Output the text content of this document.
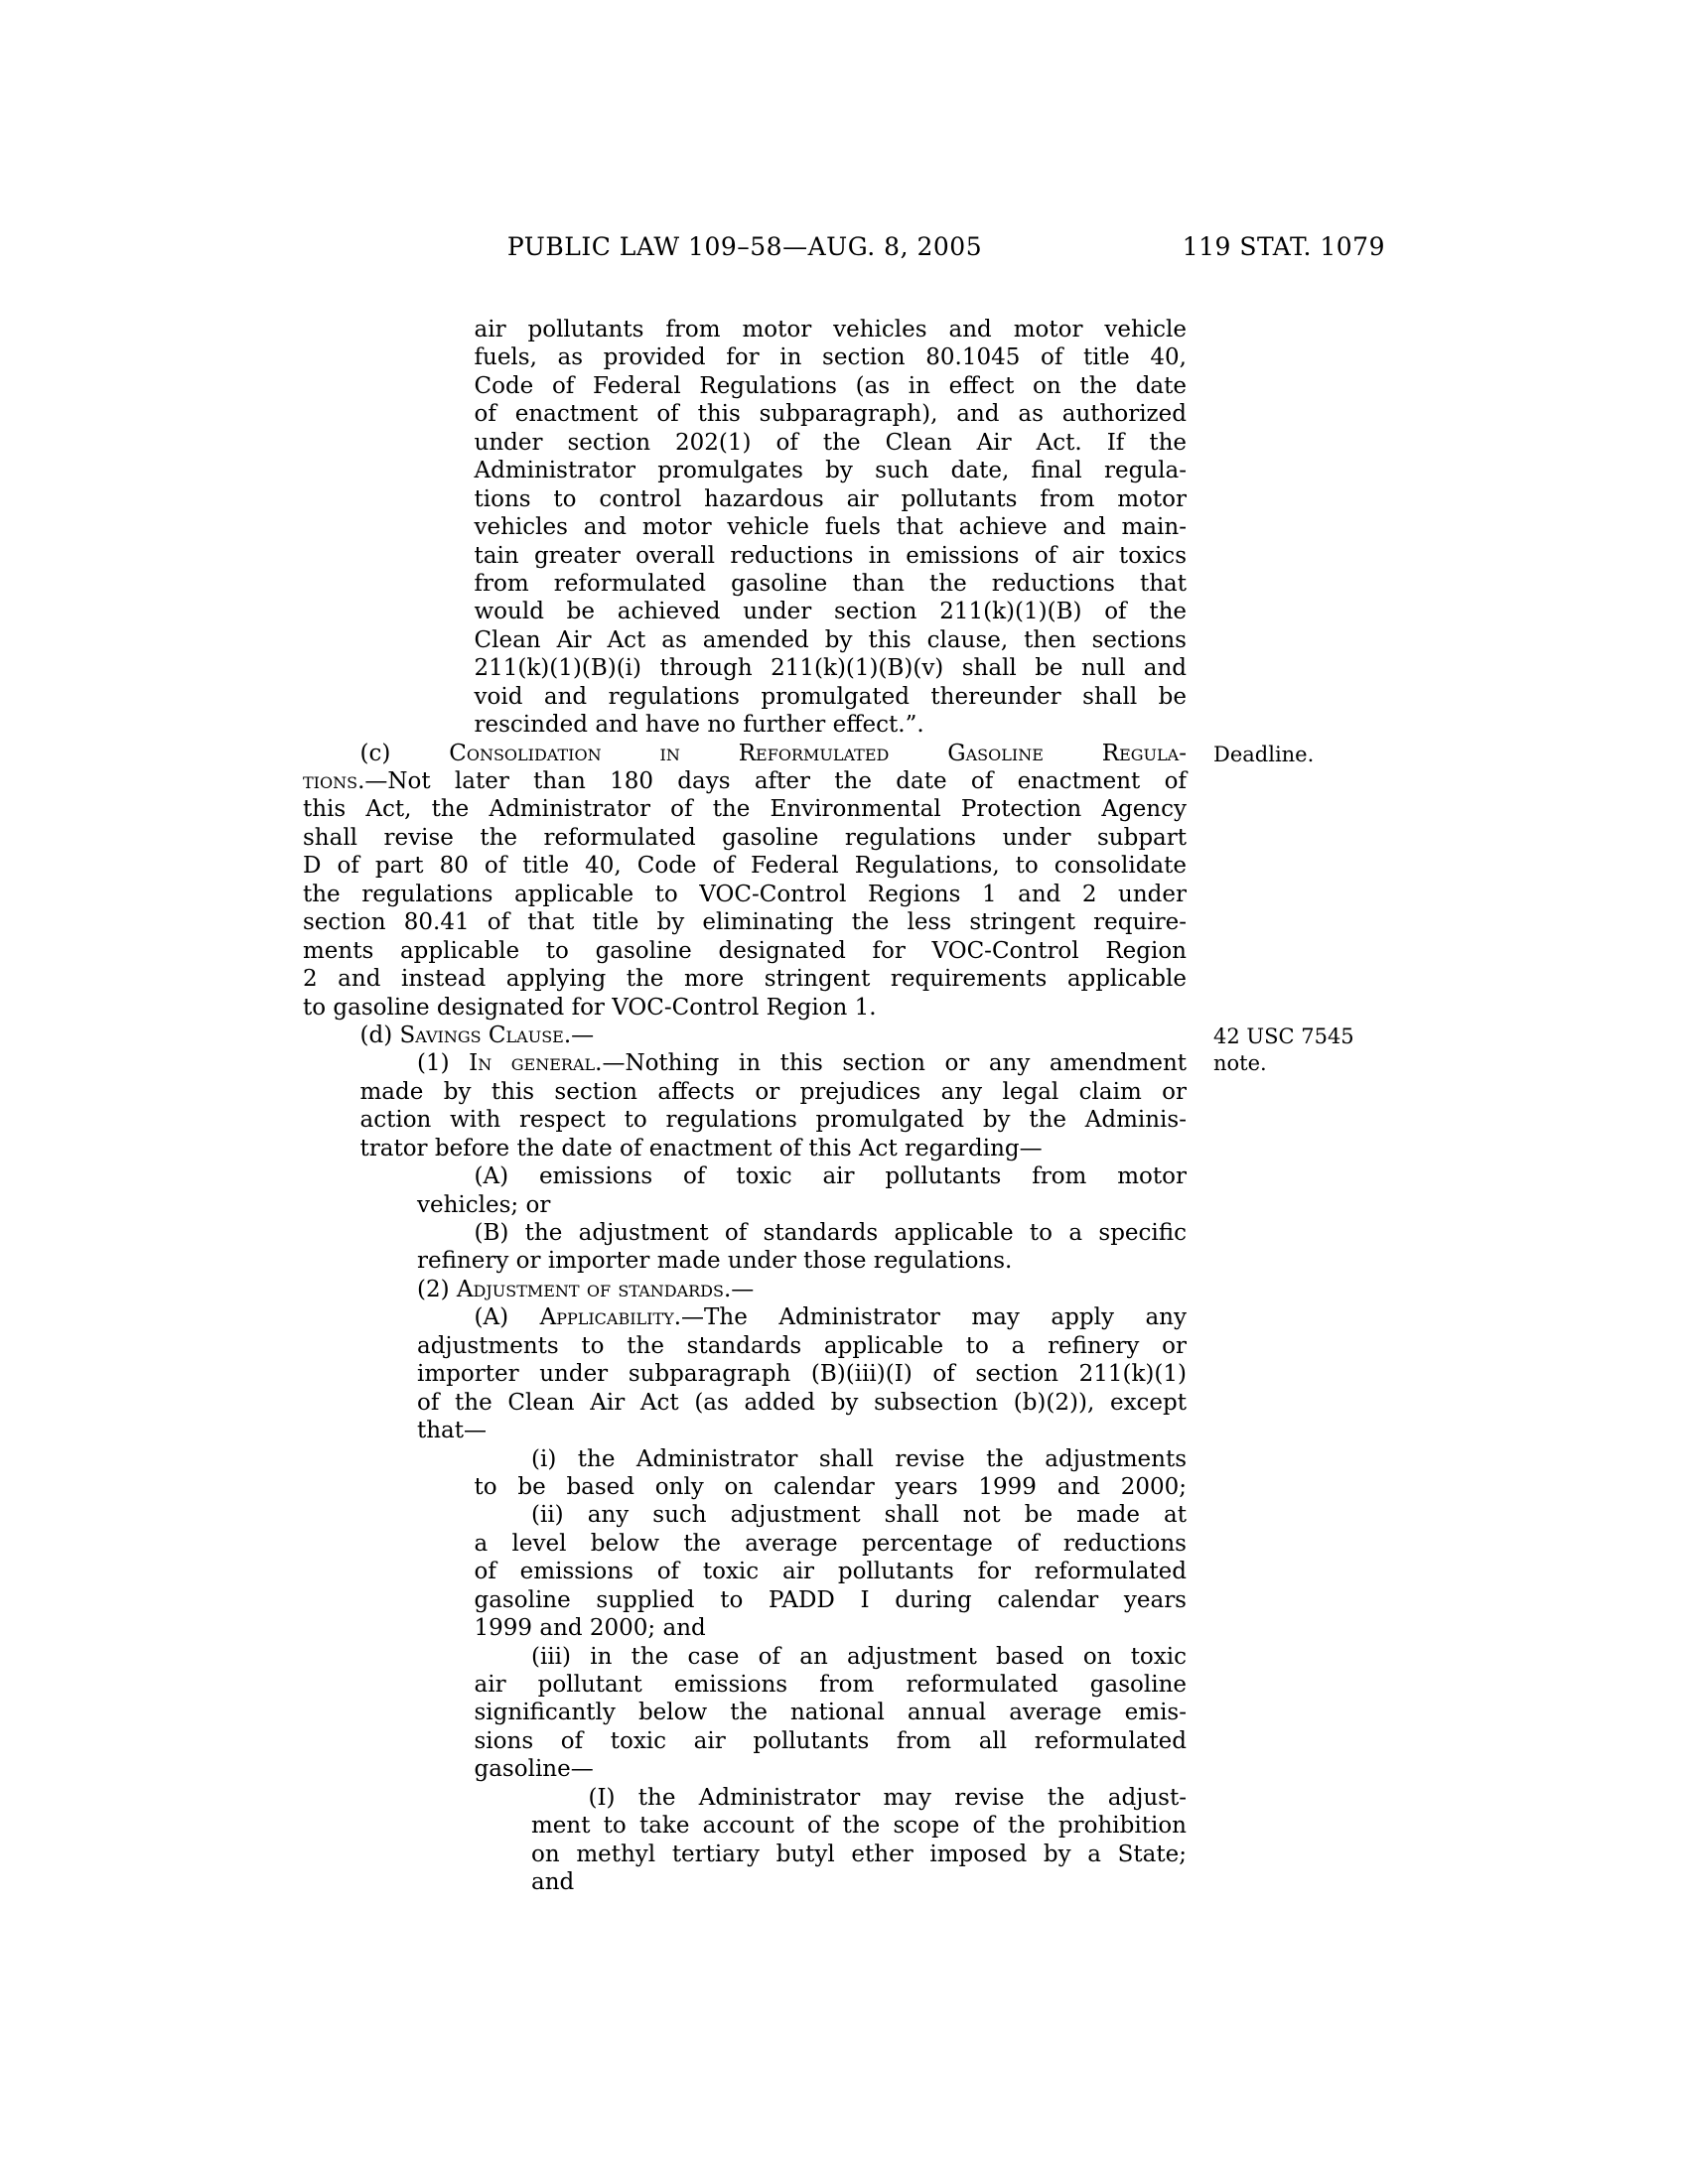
PUBLIC LAW 109–58—AUG. 8, 2005	119 STAT. 1079
air pollutants from motor vehicles and motor vehicle
fuels, as provided for in section 80.1045 of title 40,
Code of Federal Regulations (as in effect on the date
of enactment of this subparagraph), and as authorized
under section 202(1) of the Clean Air Act. If the
Administrator promulgates by such date, final regula-
tions to control hazardous air pollutants from motor
vehicles and motor vehicle fuels that achieve and main-
tain greater overall reductions in emissions of air toxics
from reformulated gasoline than the reductions that
would be achieved under section 211(k)(1)(B) of the
Clean Air Act as amended by this clause, then sections
211(k)(1)(B)(i) through 211(k)(1)(B)(v) shall be null and
void and regulations promulgated thereunder shall be
rescinded and have no further effect.”.
(c) Consolidation in Reformulated Gasoline Regula-
tions.—Not later than 180 days after the date of enactment of
this Act, the Administrator of the Environmental Protection Agency
shall revise the reformulated gasoline regulations under subpart
D of part 80 of title 40, Code of Federal Regulations, to consolidate
the regulations applicable to VOC-Control Regions 1 and 2 under
section 80.41 of that title by eliminating the less stringent require-
ments applicable to gasoline designated for VOC-Control Region
2 and instead applying the more stringent requirements applicable
to gasoline designated for VOC-Control Region 1.
(d) Savings Clause.—
(1) In general.—Nothing in this section or any amendment
made by this section affects or prejudices any legal claim or
action with respect to regulations promulgated by the Adminis-
trator before the date of enactment of this Act regarding—
(A) emissions of toxic air pollutants from motor
vehicles; or
(B) the adjustment of standards applicable to a specific
refinery or importer made under those regulations.
(2) Adjustment of standards.—
(A) Applicability.—The Administrator may apply any
adjustments to the standards applicable to a refinery or
importer under subparagraph (B)(iii)(I) of section 211(k)(1)
of the Clean Air Act (as added by subsection (b)(2)), except
that—
(i) the Administrator shall revise the adjustments
to be based only on calendar years 1999 and 2000;
(ii) any such adjustment shall not be made at
a level below the average percentage of reductions
of emissions of toxic air pollutants for reformulated
gasoline supplied to PADD I during calendar years
1999 and 2000; and
(iii) in the case of an adjustment based on toxic
air pollutant emissions from reformulated gasoline
significantly below the national annual average emis-
sions of toxic air pollutants from all reformulated
gasoline—
(I) the Administrator may revise the adjust-
ment to take account of the scope of the prohibition
on methyl tertiary butyl ether imposed by a State;
and
Deadline.
42 USC 7545 note.
